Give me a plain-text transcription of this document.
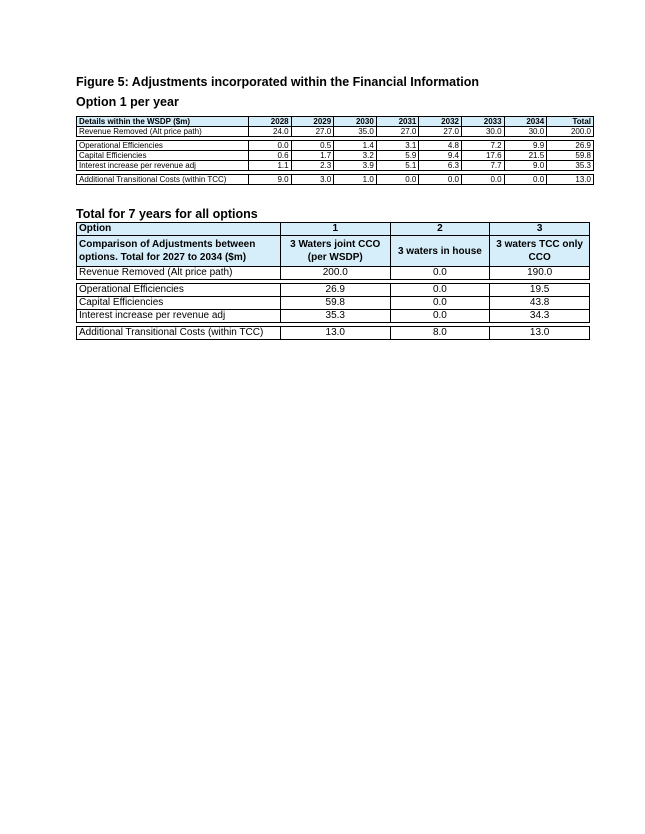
Figure 5: Adjustments incorporated within the Financial Information
Option 1 per year
Details within the WSDP ($m)	2028	2029	2030	2031	2032	2033	2034	Total
Revenue Removed (Alt price path)	24.0	27.0	35.0	27.0	27.0	30.0	30.0	200.0

Operational Efficiencies	0.0	0.5	1.4	3.1	4.8	7.2	9.9	26.9
Capital Efficiencies	0.6	1.7	3.2	5.9	9.4	17.6	21.5	59.8
Interest increase per revenue adj	1.1	2.3	3.9	5.1	6.3	7.7	9.0	35.3

Additional Transitional Costs (within TCC)	9.0	3.0	1.0	0.0	0.0	0.0	0.0	13.0
Total for 7 years for all options
Option	1	2	3
Comparison of Adjustments between options. Total for 2027 to 2034 ($m)	3 Waters joint CCO (per WSDP)	3 waters in house	3 waters TCC only CCO
Revenue Removed (Alt price path)	200.0	0.0	190.0

Operational Efficiencies	26.9	0.0	19.5
Capital Efficiencies	59.8	0.0	43.8
Interest increase per revenue adj	35.3	0.0	34.3

Additional Transitional Costs (within TCC)	13.0	8.0	13.0
